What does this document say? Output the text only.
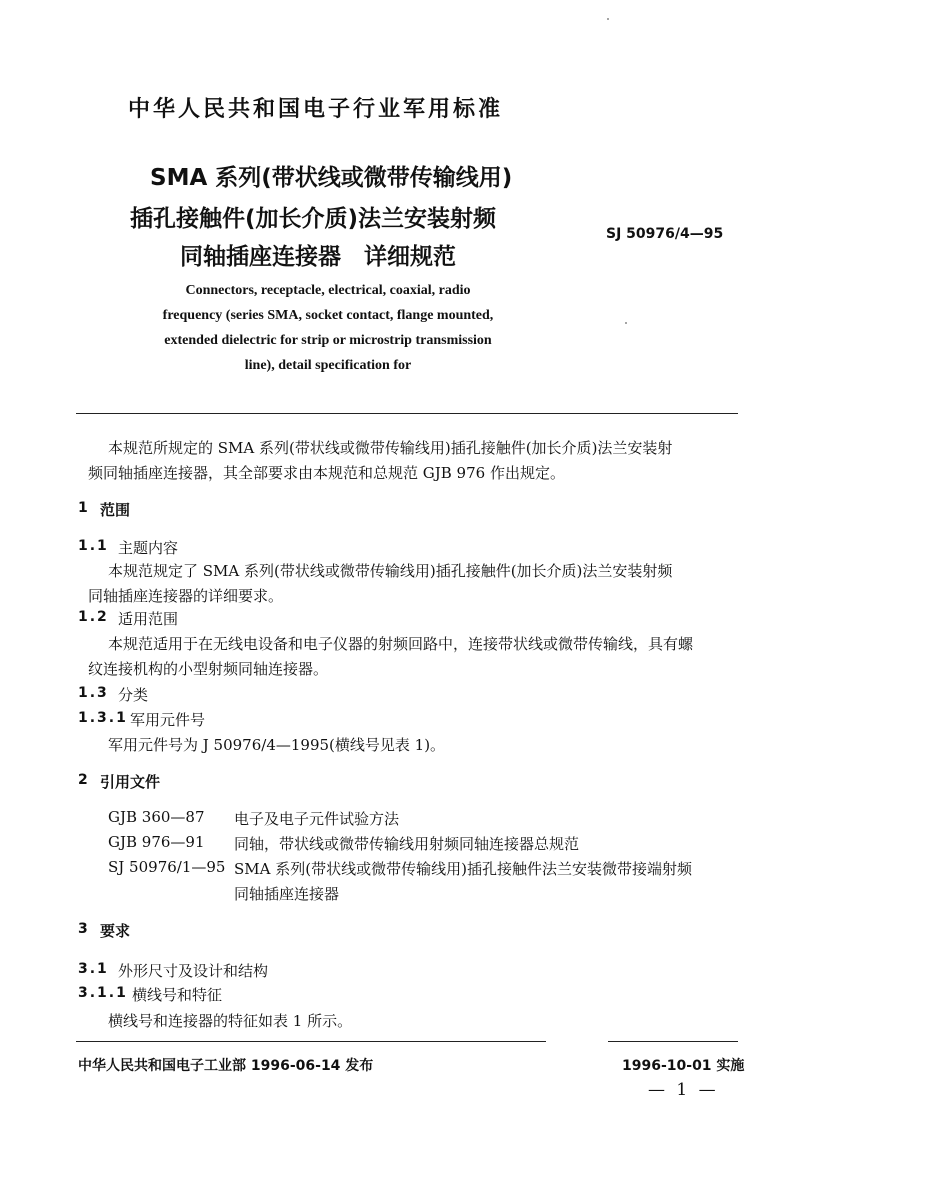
中华人民共和国电子行业军用标准
SMA 系列(带状线或微带传输线用)
插孔接触件(加长介质)法兰安装射频
同轴插座连接器　详细规范
SJ 50976/4—95
Connectors, receptacle, electrical, coaxial, radio
frequency (series SMA, socket contact, flange mounted,
extended dielectric for strip or microstrip transmission
line), detail specification for
本规范所规定的 SMA 系列(带状线或微带传输线用)插孔接触件(加长介质)法兰安装射
频同轴插座连接器，其全部要求由本规范和总规范 GJB 976 作出规定。
1 范围
1.1 主题内容
本规范规定了 SMA 系列(带状线或微带传输线用)插孔接触件(加长介质)法兰安装射频
同轴插座连接器的详细要求。
1.2 适用范围
本规范适用于在无线电设备和电子仪器的射频回路中，连接带状线或微带传输线，具有螺
纹连接机构的小型射频同轴连接器。
1.3 分类
1.3.1 军用元件号
军用元件号为 J 50976/4—1995(横线号见表 1)。
2 引用文件
GJB 360—87 电子及电子元件试验方法
GJB 976—91 同轴，带状线或微带传输线用射频同轴连接器总规范
SJ 50976/1—95 SMA 系列(带状线或微带传输线用)插孔接触件法兰安装微带接端射频
同轴插座连接器
3 要求
3.1 外形尺寸及设计和结构
3.1.1 横线号和特征
横线号和连接器的特征如表 1 所示。
中华人民共和国电子工业部 1996-06-14 发布	1996-10-01 实施
— 1 —
